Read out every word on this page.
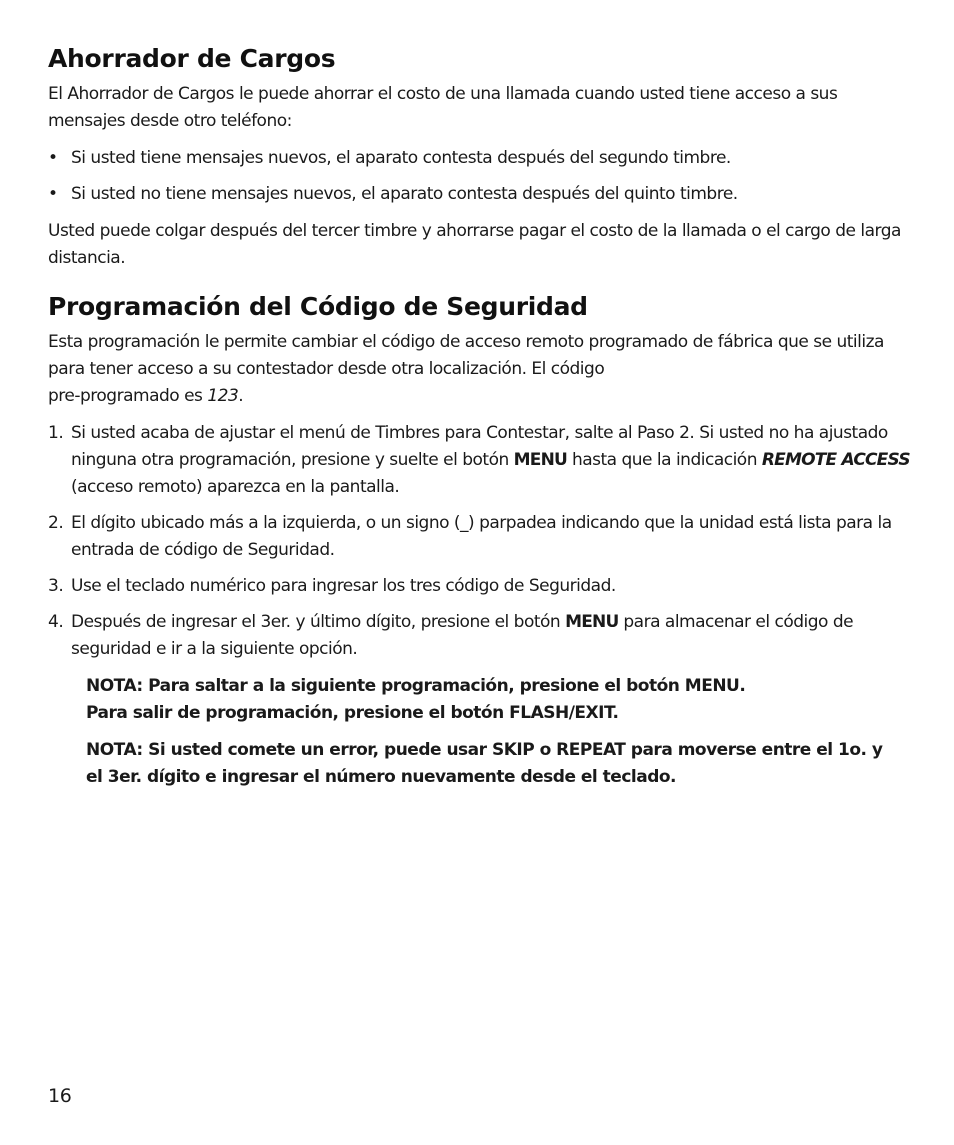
Ahorrador de Cargos

El Ahorrador de Cargos le puede ahorrar el costo de una llamada cuando usted tiene acceso a sus mensajes desde otro teléfono:

• Si usted tiene mensajes nuevos, el aparato contesta después del segundo timbre.
• Si usted no tiene mensajes nuevos, el aparato contesta después del quinto timbre.

Usted puede colgar después del tercer timbre y ahorrarse pagar el costo de la llamada o el cargo de larga distancia.

Programación del Código de Seguridad

Esta programación le permite cambiar el código de acceso remoto programado de fábrica que se utiliza para tener acceso a su contestador desde otra localización. El código
pre-programado es 123.

1. Si usted acaba de ajustar el menú de Timbres para Contestar, salte al Paso 2. Si usted no ha ajustado ninguna otra programación, presione y suelte el botón MENU hasta que la indicación REMOTE ACCESS (acceso remoto) aparezca en la pantalla.
2. El dígito ubicado más a la izquierda, o un signo (_) parpadea indicando que la unidad está lista para la entrada de código de Seguridad.
3. Use el teclado numérico para ingresar los tres código de Seguridad.
4. Después de ingresar el 3er. y último dígito, presione el botón MENU para almacenar el código de seguridad e ir a la siguiente opción.

NOTA: Para saltar a la siguiente programación, presione el botón MENU.
Para salir de programación, presione el botón FLASH/EXIT.

NOTA: Si usted comete un error, puede usar SKIP o REPEAT para moverse entre el 1o. y el 3er. dígito e ingresar el número nuevamente desde el teclado.

16
